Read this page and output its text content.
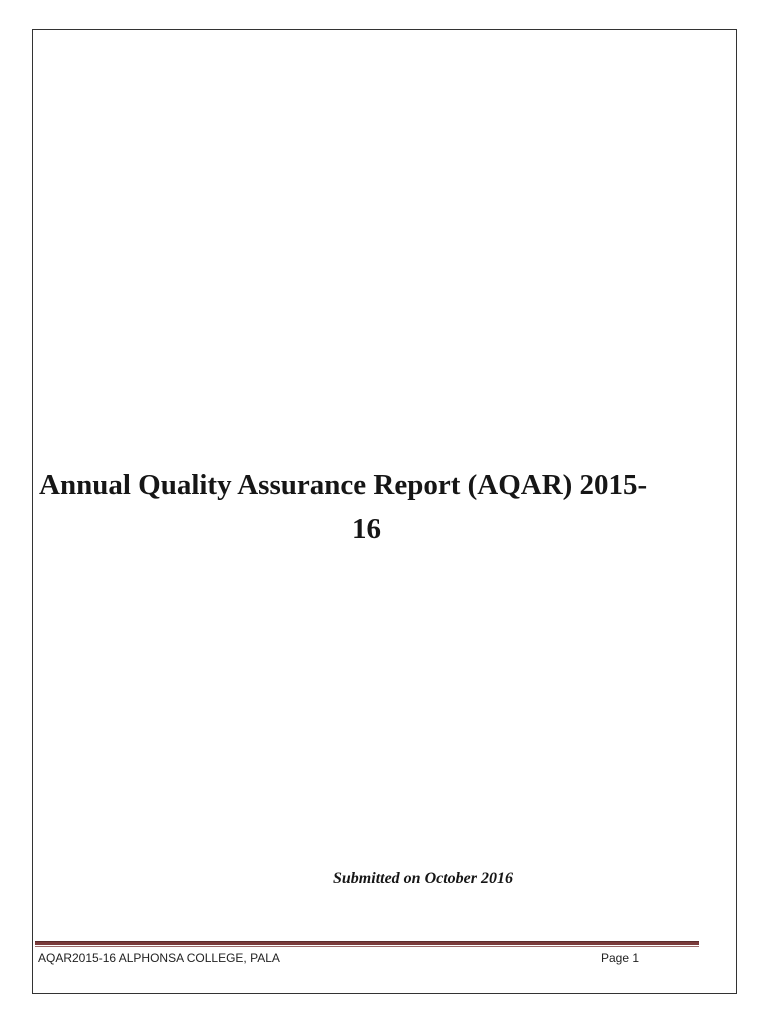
Annual Quality Assurance Report (AQAR) 2015-
16
Submitted on October 2016
AQAR2015-16 ALPHONSA COLLEGE, PALA	Page 1
